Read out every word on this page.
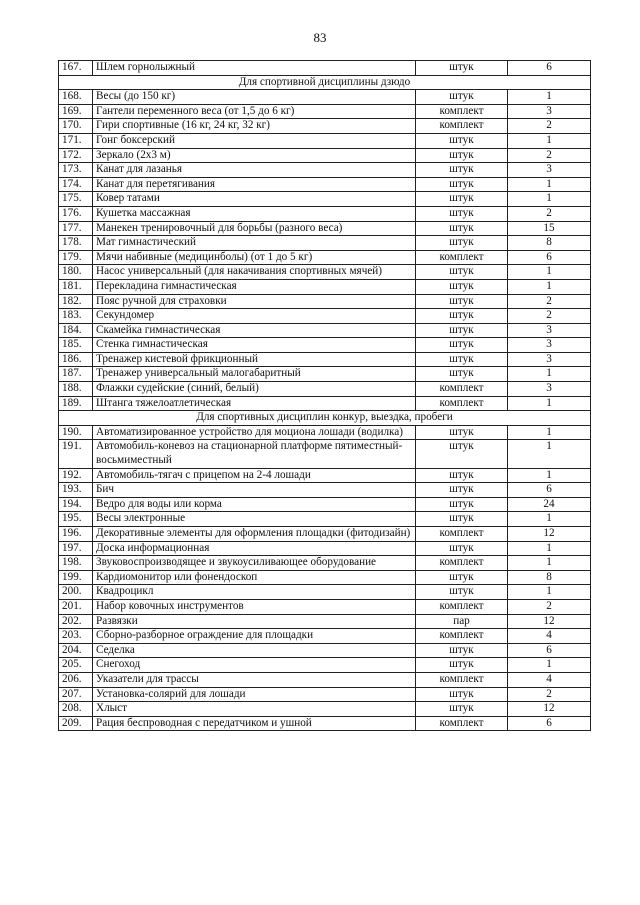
83
167.	Шлем горнолыжный	штук	6
Для спортивной дисциплины дзюдо			
168.	Весы (до 150 кг)	штук	1
169.	Гантели переменного веса (от 1,5 до 6 кг)	комплект	3
170.	Гири спортивные (16 кг, 24 кг, 32 кг)	комплект	2
171.	Гонг боксерский	штук	1
172.	Зеркало (2х3 м)	штук	2
173.	Канат для лазанья	штук	3
174.	Канат для перетягивания	штук	1
175.	Ковер татами	штук	1
176.	Кушетка массажная	штук	2
177.	Манекен тренировочный для борьбы (разного веса)	штук	15
178.	Мат гимнастический	штук	8
179.	Мячи набивные (медицинболы) (от 1 до 5 кг)	комплект	6
180.	Насос универсальный (для накачивания спортивных мячей)	штук	1
181.	Перекладина гимнастическая	штук	1
182.	Пояс ручной для страховки	штук	2
183.	Секундомер	штук	2
184.	Скамейка гимнастическая	штук	3
185.	Стенка гимнастическая	штук	3
186.	Тренажер кистевой фрикционный	штук	3
187.	Тренажер универсальный малогабаритный	штук	1
188.	Флажки судейские (синий, белый)	комплект	3
189.	Штанга тяжелоатлетическая	комплект	1
Для спортивных дисциплин конкур, выездка, пробеги			
190.	Автоматизированное устройство для моциона лошади (водилка)	штук	1
191.	Автомобиль-коневоз на стационарной платформе пятиместный-восьмиместный	штук	1
192.	Автомобиль-тягач с прицепом на 2-4 лошади	штук	1
193.	Бич	штук	6
194.	Ведро для воды или корма	штук	24
195.	Весы электронные	штук	1
196.	Декоративные элементы для оформления площадки (фитодизайн)	комплект	12
197.	Доска информационная	штук	1
198.	Звуковоспроизводящее и звукоусиливающее оборудование	комплект	1
199.	Кардиомонитор или фонендоскоп	штук	8
200.	Квадроцикл	штук	1
201.	Набор ковочных инструментов	комплект	2
202.	Развязки	пар	12
203.	Сборно-разборное ограждение для площадки	комплект	4
204.	Седелка	штук	6
205.	Снегоход	штук	1
206.	Указатели для трассы	комплект	4
207.	Установка-солярий для лошади	штук	2
208.	Хлыст	штук	12
209.	Рация беспроводная с передатчиком и ушной	комплект	6
